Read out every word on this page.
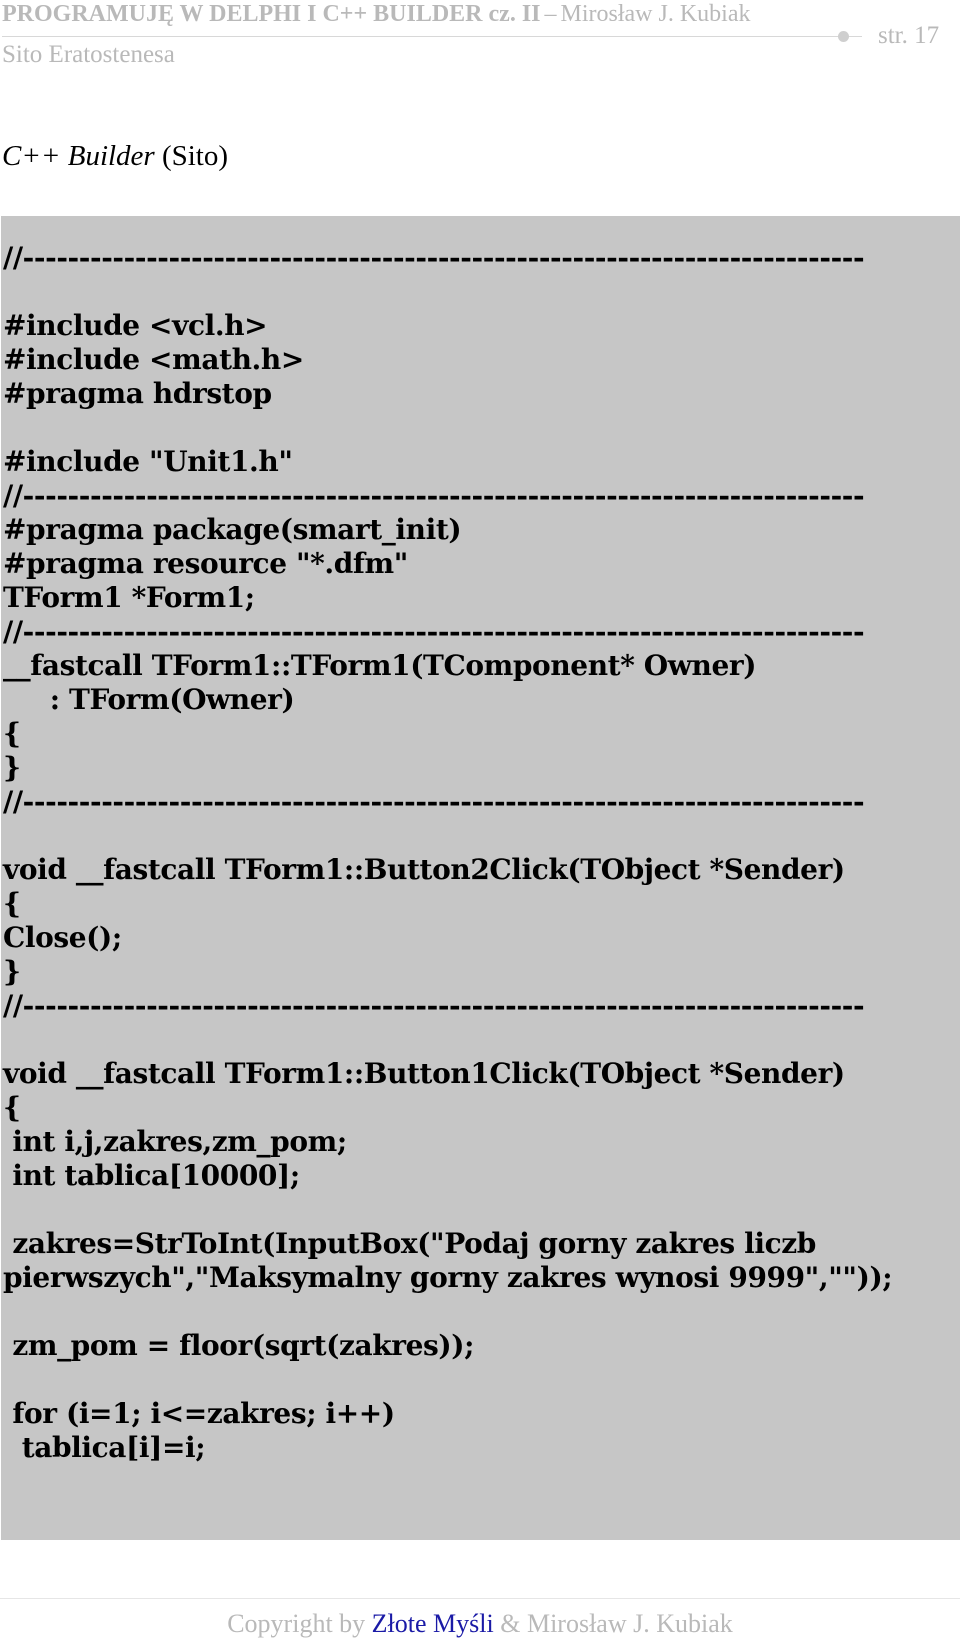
PROGRAMUJĘ W DELPHI I C++ BUILDER cz. II – Mirosław J. Kubiak
Sito Eratostenesa
str. 17
C++ Builder (Sito)
//---------------------------------------------------------------------------
#include <vcl.h>
#include <math.h>
#pragma hdrstop
#include "Unit1.h"
//---------------------------------------------------------------------------
#pragma package(smart_init)
#pragma resource "*.dfm"
TForm1 *Form1;
//---------------------------------------------------------------------------
__fastcall TForm1::TForm1(TComponent* Owner)
: TForm(Owner)
{
}
//---------------------------------------------------------------------------
void __fastcall TForm1::Button2Click(TObject *Sender)
{
Close();
}
//---------------------------------------------------------------------------
void __fastcall TForm1::Button1Click(TObject *Sender)
{
int i,j,zakres,zm_pom;
int tablica[10000];
zakres=StrToInt(InputBox("Podaj gorny zakres liczb
pierwszych","Maksymalny gorny zakres wynosi 9999",""));
zm_pom = floor(sqrt(zakres));
for (i=1; i<=zakres; i++)
tablica[i]=i;
Copyright by Złote Myśli & Mirosław J. Kubiak
